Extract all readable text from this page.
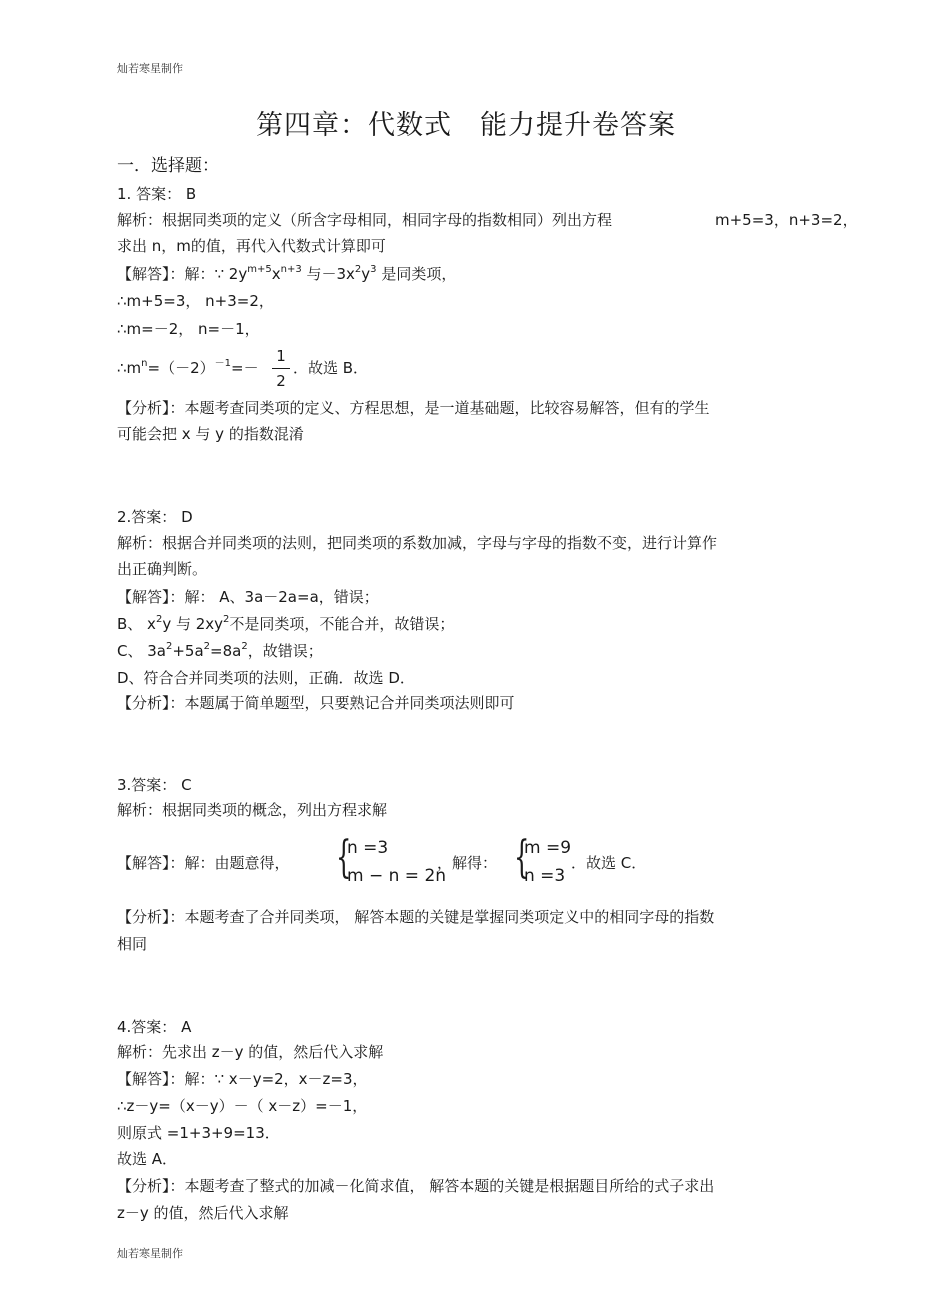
灿若寒星制作
第四章：代数式　能力提升卷答案
一．选择题：
1. 答案： B
解析：根据同类项的定义（所含字母相同，相同字母的指数相同）列出方程	m+5=3，n+3=2，
求出 n，m的值，再代入代数式计算即可
【解答】：解：∵ $2y^{m+5}x^{n+3}$ 与$-3x^2y^3$ 是同类项，
∴m+5=3， n+3=2，
∴m=－2， n=－1，
$\therefore m^n=(-2)^{-1}=-$
1
2
．故选 B．
【分析】：本题考查同类项的定义、方程思想，是一道基础题，比较容易解答，但有的学生
可能会把 x 与 y 的指数混淆
2.答案： D
解析：根据合并同类项的法则，把同类项的系数加减，字母与字母的指数不变，进行计算作
出正确判断。
【解答】：解： A、3a－2a=a，错误；
B、 $x^2y$ 与 $2xy^2$不是同类项，不能合并，故错误；
C、 $3a^2+5a^2=8a^2$，故错误；
D、符合合并同类项的法则，正确．故选 D．
【分析】：本题属于简单题型，只要熟记合并同类项法则即可
3.答案： C
解析：根据同类项的概念，列出方程求解
【解答】：解：由题意得， {
n =3
m − n = 2n
，解得： {
m =9
n =3
．故选 C．
【分析】：本题考查了合并同类项， 解答本题的关键是掌握同类项定义中的相同字母的指数
相同
4.答案： A
解析：先求出 z－y 的值，然后代入求解
【解答】：解：∵ x－y=2，x－z=3，
∴z－y=（x－y）－（ x－z）=－1，
则原式 =1+3+9=13．
故选 A．
【分析】：本题考查了整式的加减－化简求值， 解答本题的关键是根据题目所给的式子求出
z－y 的值，然后代入求解
灿若寒星制作
